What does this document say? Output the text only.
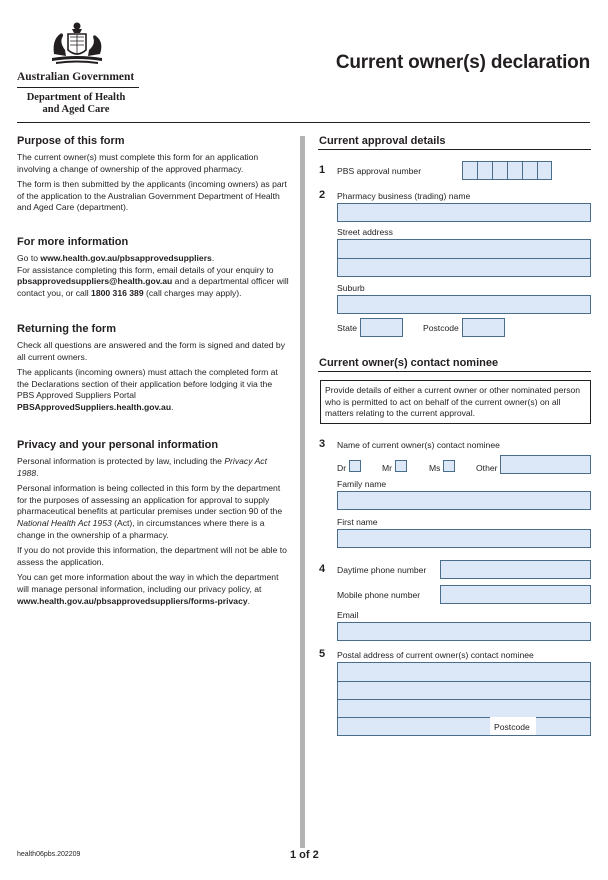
Australian Government
Department of Health
and Aged Care
Current owner(s) declaration
Purpose of this form

The current owner(s) must complete this form for an application involving a change of ownership of the approved pharmacy.

The form is then submitted by the applicants (incoming owners) as part of the application to the Australian Government Department of Health and Aged Care (department).

For more information

Go to www.health.gov.au/pbsapprovedsuppliers.

For assistance completing this form, email details of your enquiry to pbsapprovedsuppliers@health.gov.au and a departmental officer will contact you, or call 1800 316 389 (call charges may apply).

Returning the form

Check all questions are answered and the form is signed and dated by all current owners.

The applicants (incoming owners) must attach the completed form at the Declarations section of their application before lodging it via the PBS Approved Suppliers Portal
PBSApprovedSuppliers.health.gov.au.

Privacy and your personal information

Personal information is protected by law, including the Privacy Act 1988.

Personal information is being collected in this form by the department for the purposes of assessing an application for approval to supply pharmaceutical benefits at particular premises under section 90 of the National Health Act 1953 (Act), in circumstances where there is a change in the ownership of a pharmacy.

If you do not provide this information, the department will not be able to assess the application.

You can get more information about the way in which the department will manage personal information, including our privacy policy, at www.health.gov.au/pbsapprovedsuppliers/forms-privacy.

Current approval details
1 PBS approval number
2 Pharmacy business (trading) name
Street address
Suburb
State	Postcode
Current owner(s) contact nominee
Provide details of either a current owner or other nominated person who is permitted to act on behalf of the current owner(s) on all matters relating to the current approval.
3 Name of current owner(s) contact nominee
Dr	Mr	Ms	Other
Family name
First name
4 Daytime phone number
Mobile phone number
Email
5 Postal address of current owner(s) contact nominee
Postcode
health06pbs.202209	1 of 2
